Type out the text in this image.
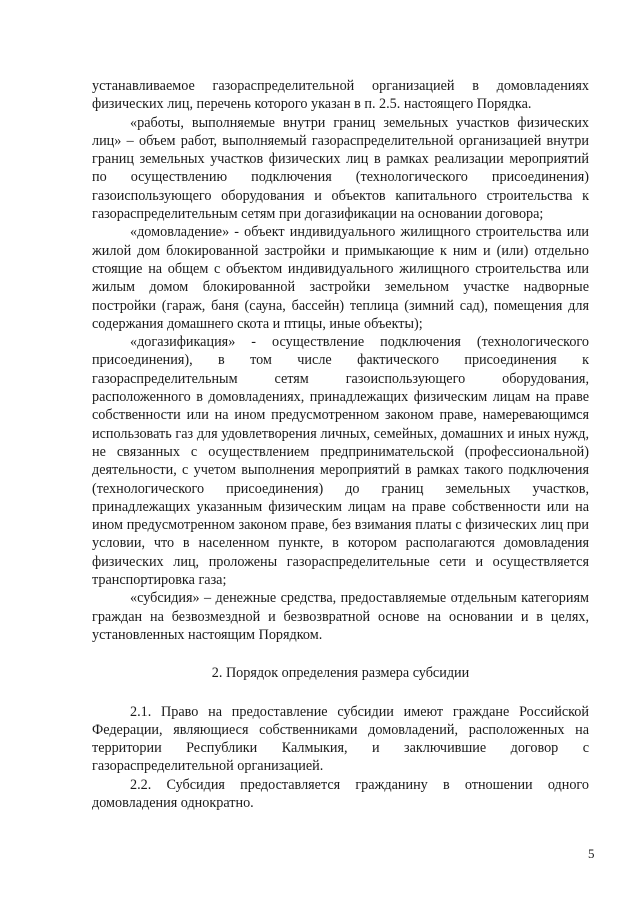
устанавливаемое газораспределительной организацией в домовладениях физических лиц, перечень которого указан в п. 2.5. настоящего Порядка.

«работы, выполняемые внутри границ земельных участков физических лиц» – объем работ, выполняемый газораспределительной организацией внутри границ земельных участков физических лиц в рамках реализации мероприятий по осуществлению подключения (технологического присоединения) газоиспользующего оборудования и объектов капитального строительства к газораспределительным сетям при догазификации на основании договора;

«домовладение» - объект индивидуального жилищного строительства или жилой дом блокированной застройки и примыкающие к ним и (или) отдельно стоящие на общем с объектом индивидуального жилищного строительства или жилым домом блокированной застройки земельном участке надворные постройки (гараж, баня (сауна, бассейн) теплица (зимний сад), помещения для содержания домашнего скота и птицы, иные объекты);

«догазификация» - осуществление подключения (технологического присоединения), в том числе фактического присоединения к газораспределительным сетям газоиспользующего оборудования, расположенного в домовладениях, принадлежащих физическим лицам на праве собственности или на ином предусмотренном законом праве, намеревающимся использовать газ для удовлетворения личных, семейных, домашних и иных нужд, не связанных с осуществлением предпринимательской (профессиональной) деятельности, с учетом выполнения мероприятий в рамках такого подключения (технологического присоединения) до границ земельных участков, принадлежащих указанным физическим лицам на праве собственности или на ином предусмотренном законом праве, без взимания платы с физических лиц при условии, что в населенном пункте, в котором располагаются домовладения физических лиц, проложены газораспределительные сети и осуществляется транспортировка газа;

«субсидия» – денежные средства, предоставляемые отдельным категориям граждан на безвозмездной и безвозвратной основе на основании и в целях, установленных настоящим Порядком.

2. Порядок определения размера субсидии

2.1. Право на предоставление субсидии имеют граждане Российской Федерации, являющиеся собственниками домовладений, расположенных на территории Республики Калмыкия, и заключившие договор с газораспределительной организацией.

2.2. Субсидия предоставляется гражданину в отношении одного домовладения однократно.

5
